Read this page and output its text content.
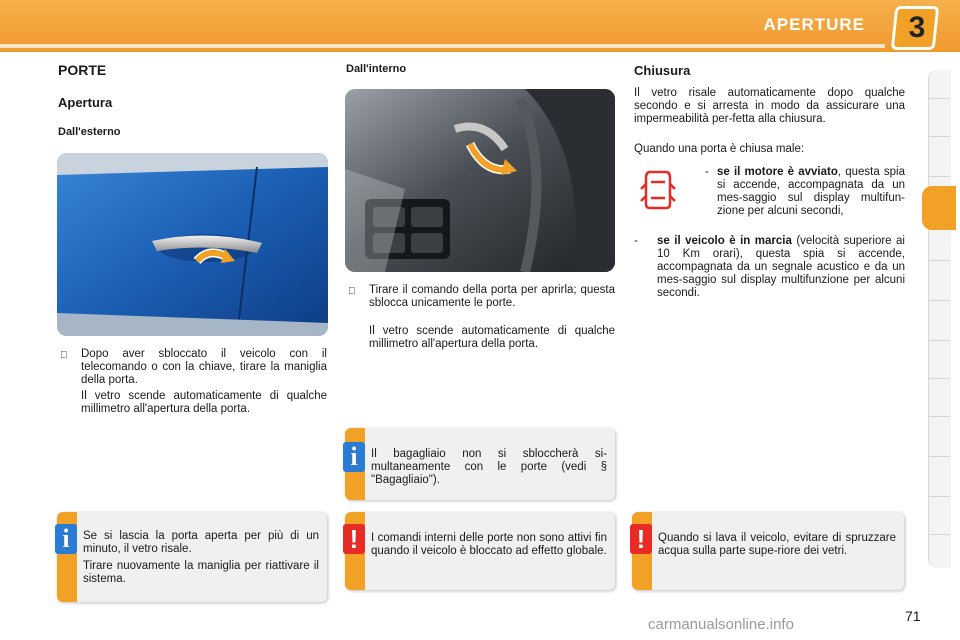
APERTURE	3
PORTE
Apertura
Dall'esterno
Dopo aver sbloccato il veicolo con il telecomando o con la chiave, tirare la maniglia della porta.
Il vetro scende automaticamente di qualche millimetro all'apertura della porta.
Dall'interno
Tirare il comando della porta per aprirla; questa sblocca unicamente le porte.
Il vetro scende automaticamente di qualche millimetro all'apertura della porta.
Chiusura
Il vetro risale automaticamente dopo qualche secondo e si arresta in modo da assicurare una impermeabilità per-fetta alla chiusura.
Quando una porta è chiusa male:
- se il motore è avviato, questa spia si accende, accompagnata da un mes-saggio sul display multifun-zione per alcuni secondi,
- se il veicolo è in marcia (velocità superiore ai 10 Km orari), questa spia si accende, accompagnata da un segnale acustico e da un mes-saggio sul display multifunzione per alcuni secondi.
i	Il bagagliaio non si sbloccherà si-multaneamente con le porte (vedi § "Bagagliaio").
i	Se si lascia la porta aperta per più di un minuto, il vetro risale.
Tirare nuovamente la maniglia per riattivare il sistema.
!	I comandi interni delle porte non sono attivi fin quando il veicolo è bloccato ad effetto globale. !	Quando si lava il veicolo, evitare di spruzzare acqua sulla parte supe-riore dei vetri.
71
carmanualsonline.info
